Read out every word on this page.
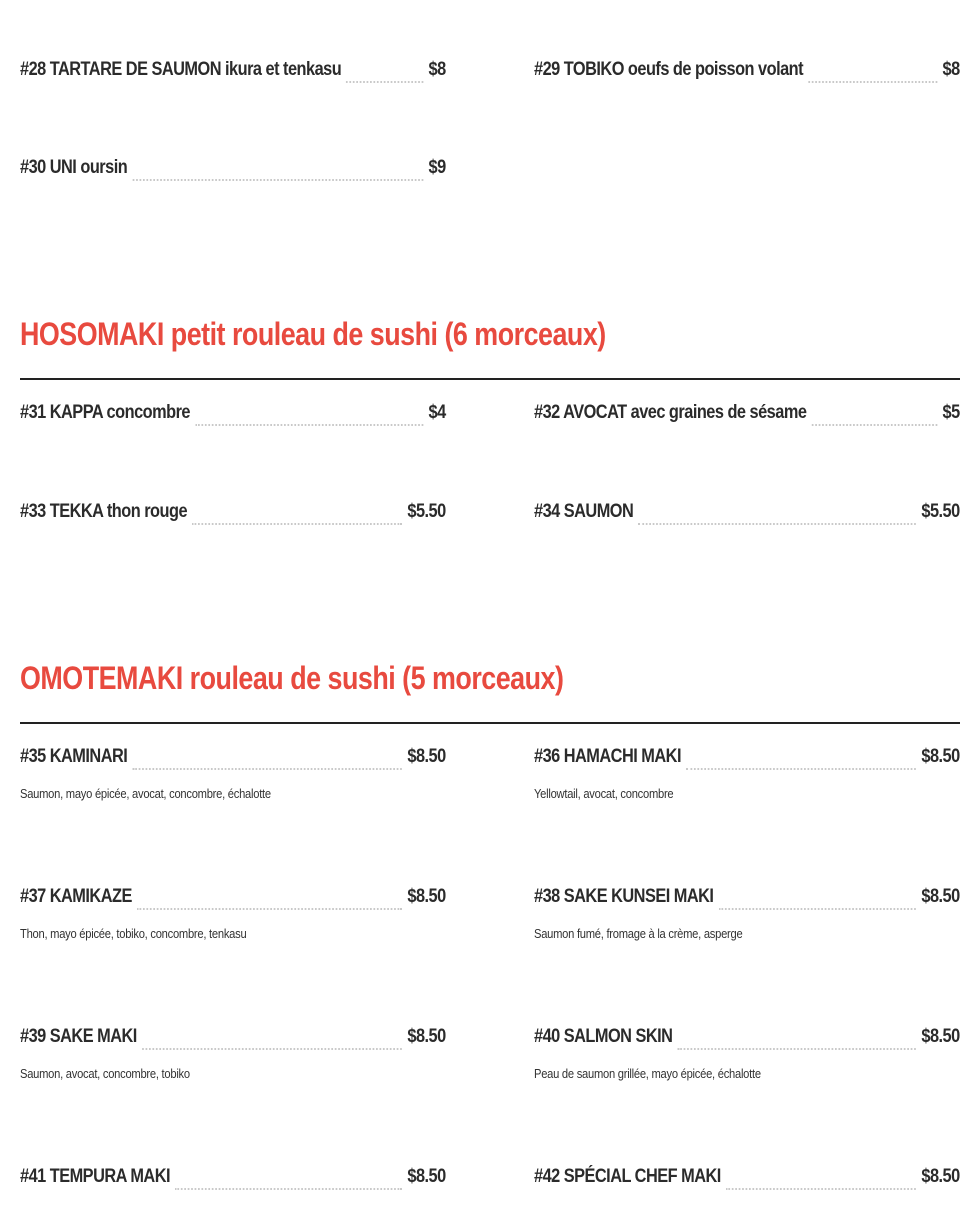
#28 TARTARE DE SAUMON ikura et tenkasu	$8	#29 TOBIKO oeufs de poisson volant	$8
#30 UNI oursin	$9
HOSOMAKI petit rouleau de sushi (6 morceaux)
#31 KAPPA concombre	$4	#32 AVOCAT avec graines de sésame	$5
#33 TEKKA thon rouge	$5.50	#34 SAUMON	$5.50
OMOTEMAKI rouleau de sushi (5 morceaux)
#35 KAMINARI	$8.50
Saumon, mayo épicée, avocat, concombre, échalotte
#36 HAMACHI MAKI	$8.50
Yellowtail, avocat, concombre
#37 KAMIKAZE	$8.50
Thon, mayo épicée, tobiko, concombre, tenkasu
#38 SAKE KUNSEI MAKI	$8.50
Saumon fumé, fromage à la crème, asperge
#39 SAKE MAKI	$8.50
Saumon, avocat, concombre, tobiko
#40 SALMON SKIN	$8.50
Peau de saumon grillée, mayo épicée, échalotte
#41 TEMPURA MAKI	$8.50	#42 SPÉCIAL CHEF MAKI	$8.50
